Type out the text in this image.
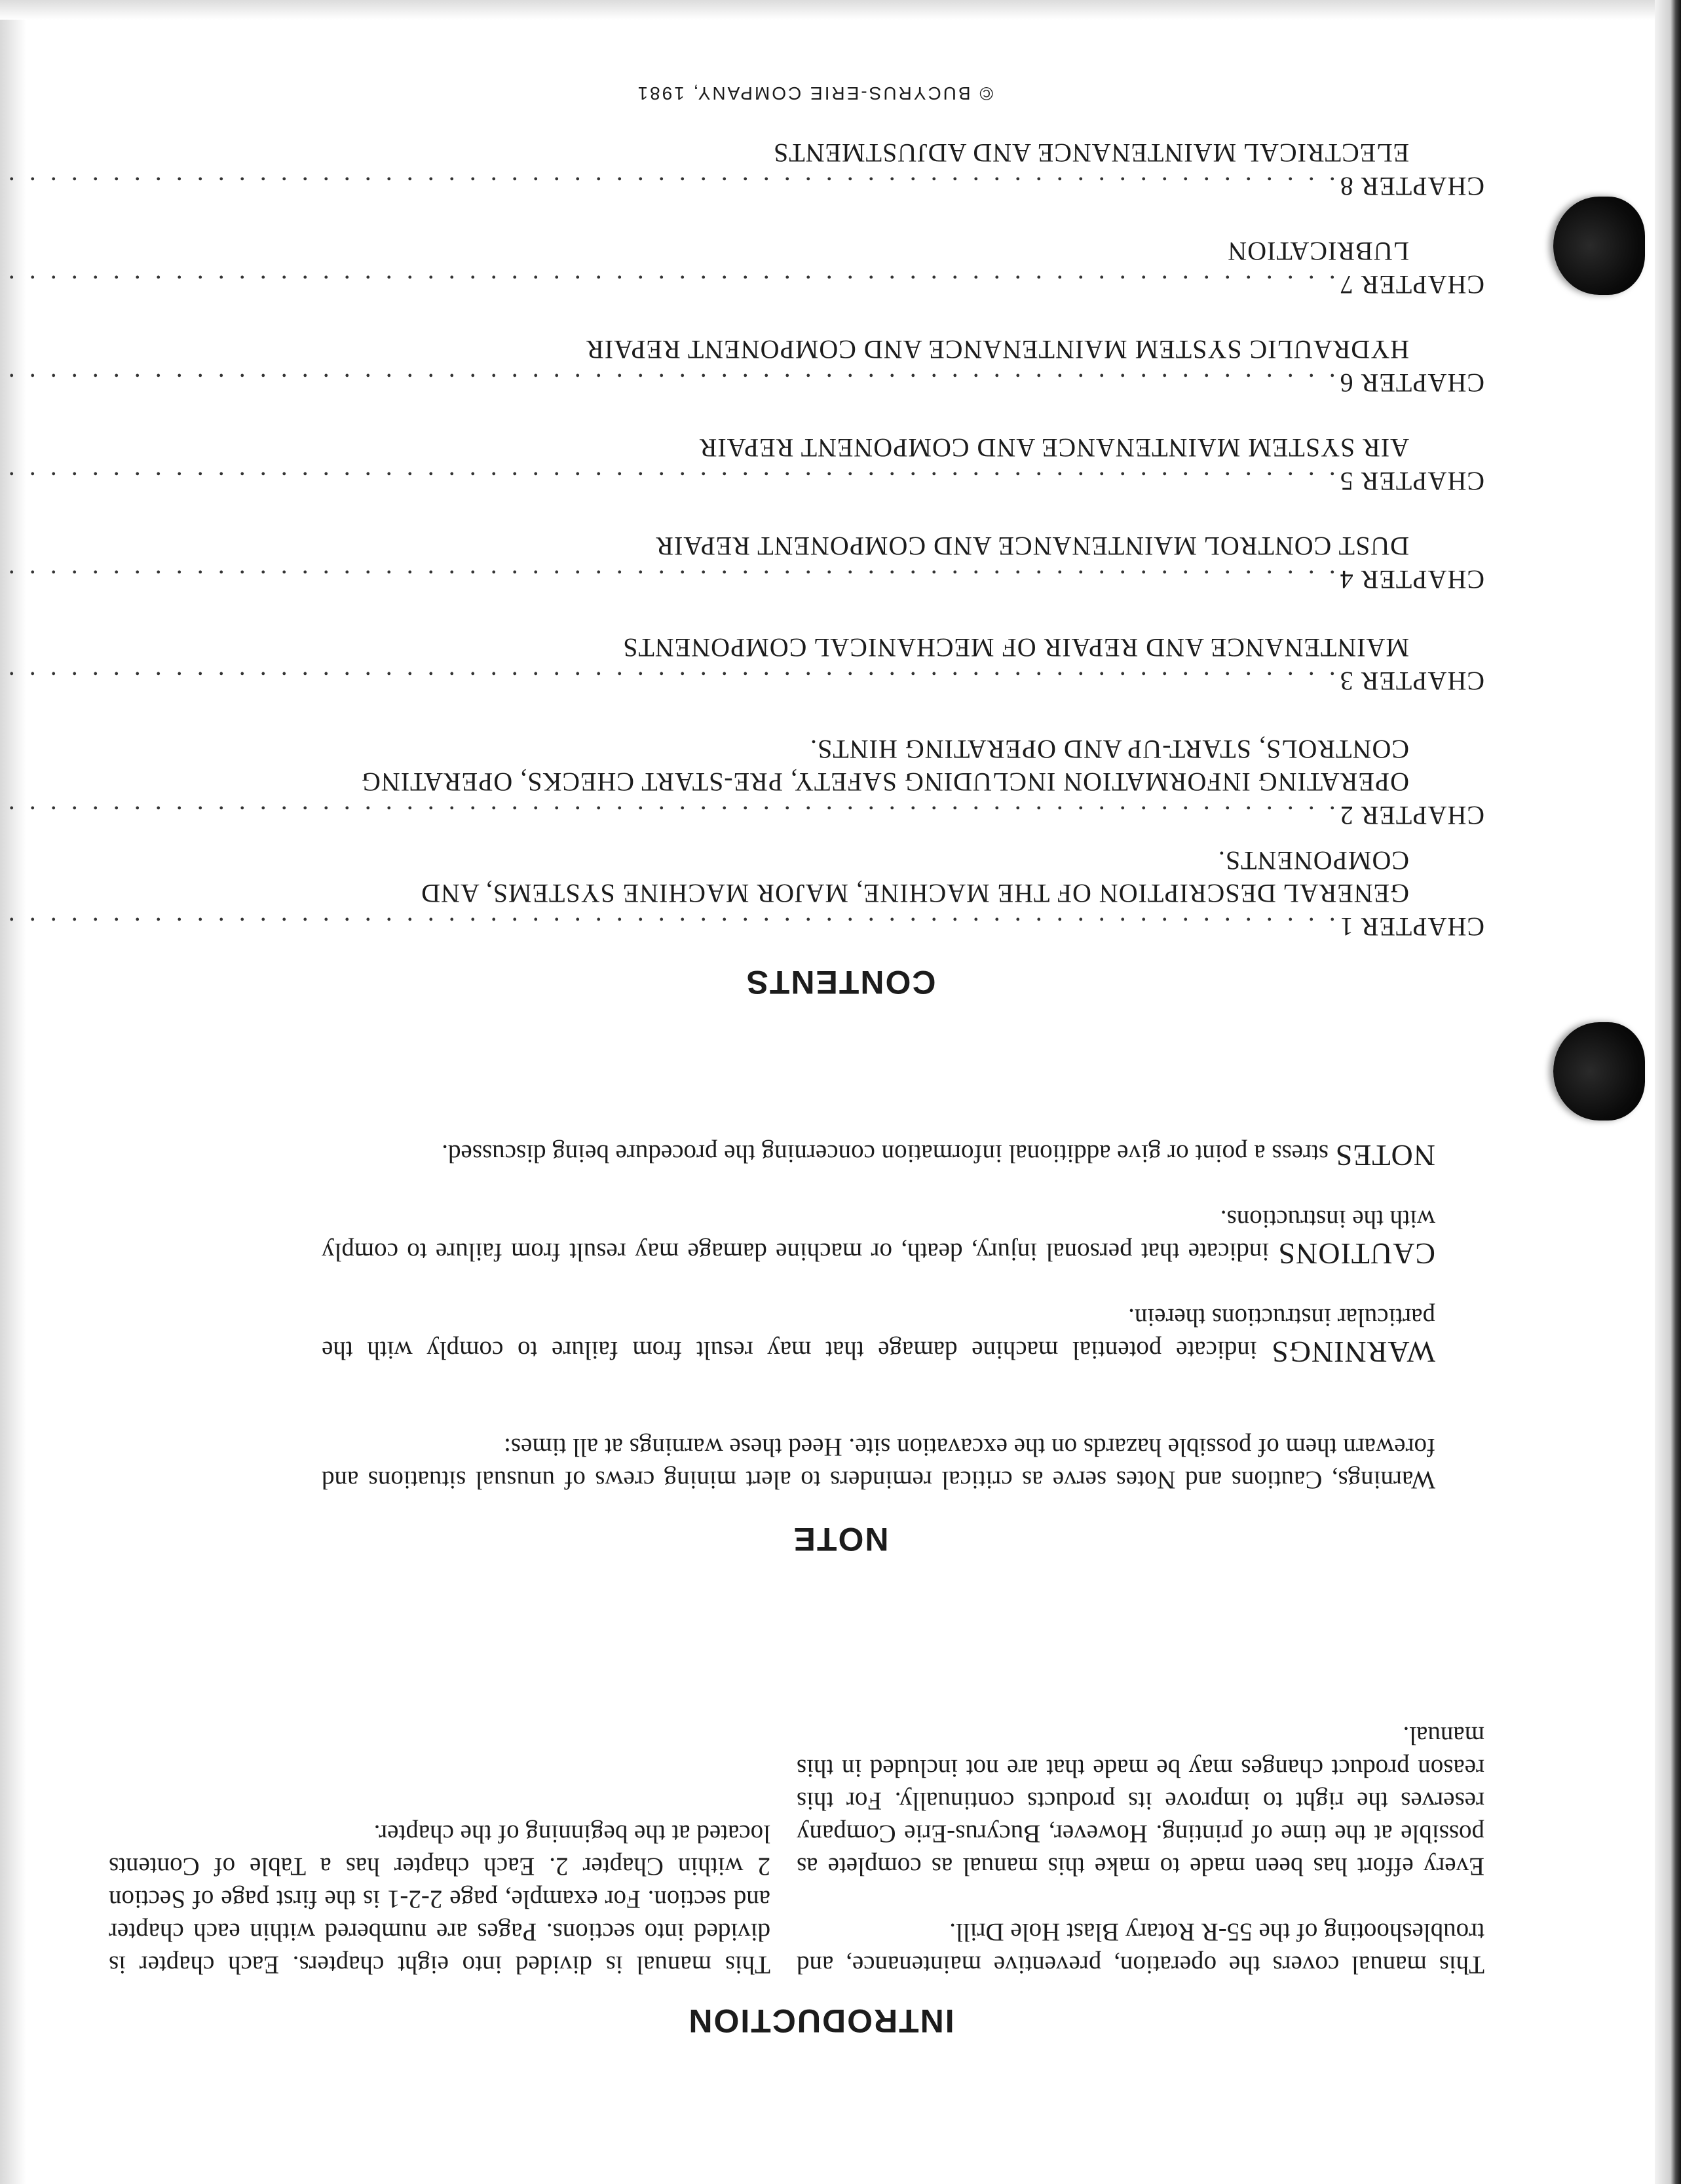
INTRODUCTION

This manual covers the operation, preventive maintenance, and troubleshooting of the 55-R Rotary Blast Hole Drill.

Every effort has been made to make this manual as complete as possible at the time of printing. However, Bucyrus-Erie Company reserves the right to improve its products continually. For this reason product changes may be made that are not included in this manual.

This manual is divided into eight chapters. Each chapter is divided into sections. Pages are numbered within each chapter and section. For example, page 2-2-1 is the first page of Section 2 within Chapter 2. Each chapter has a Table of Contents located at the beginning of the chapter.

NOTE
Warnings, Cautions and Notes serve as critical reminders to alert mining crews of unusual situations and forewarn them of possible hazards on the excavation site. Heed these warnings at all times:
WARNINGS indicate potential machine damage that may result from failure to comply with the particular instructions therein.
CAUTIONS indicate that personal injury, death, or machine damage may result from failure to comply with the instructions.
NOTES stress a point or give additional information concerning the procedure being discussed.
CONTENTS
CHAPTER 1
. . . . . . . . . . . . . . . . . . . . . . . . . . . . . . . . . . . . . . . . . . . . . . . . . . . . . . . . . . . . . . . .
GENERAL DESCRIPTION OF THE MACHINE, MAJOR MACHINE SYSTEMS, AND
COMPONENTS.
CHAPTER 2
. . . . . . . . . . . . . . . . . . . . . . . . . . . . . . . . . . . . . . . . . . . . . . . . . . . . . . . . . . . . . . . .
OPERATING INFORMATION INCLUDING SAFETY, PRE-START CHECKS, OPERATING
CONTROLS, START-UP AND OPERATING HINTS.
CHAPTER 3
. . . . . . . . . . . . . . . . . . . . . . . . . . . . . . . . . . . . . . . . . . . . . . . . . . . . . . . . . . . . . . . .
MAINTENANCE AND REPAIR OF MECHANICAL COMPONENTS
CHAPTER 4
. . . . . . . . . . . . . . . . . . . . . . . . . . . . . . . . . . . . . . . . . . . . . . . . . . . . . . . . . . . . . . . .
DUST CONTROL MAINTENANCE AND COMPONENT REPAIR
CHAPTER 5
. . . . . . . . . . . . . . . . . . . . . . . . . . . . . . . . . . . . . . . . . . . . . . . . . . . . . . . . . . . . . . . .
AIR SYSTEM MAINTENANCE AND COMPONENT REPAIR
CHAPTER 6
. . . . . . . . . . . . . . . . . . . . . . . . . . . . . . . . . . . . . . . . . . . . . . . . . . . . . . . . . . . . . . . .
HYDRAULIC SYSTEM MAINTENANCE AND COMPONENT REPAIR
CHAPTER 7
. . . . . . . . . . . . . . . . . . . . . . . . . . . . . . . . . . . . . . . . . . . . . . . . . . . . . . . . . . . . . . . .
LUBRICATION
CHAPTER 8
. . . . . . . . . . . . . . . . . . . . . . . . . . . . . . . . . . . . . . . . . . . . . . . . . . . . . . . . . . . . . . . .
ELECTRICAL MAINTENANCE AND ADJUSTMENTS
© BUCYRUS-ERIE COMPANY, 1981
